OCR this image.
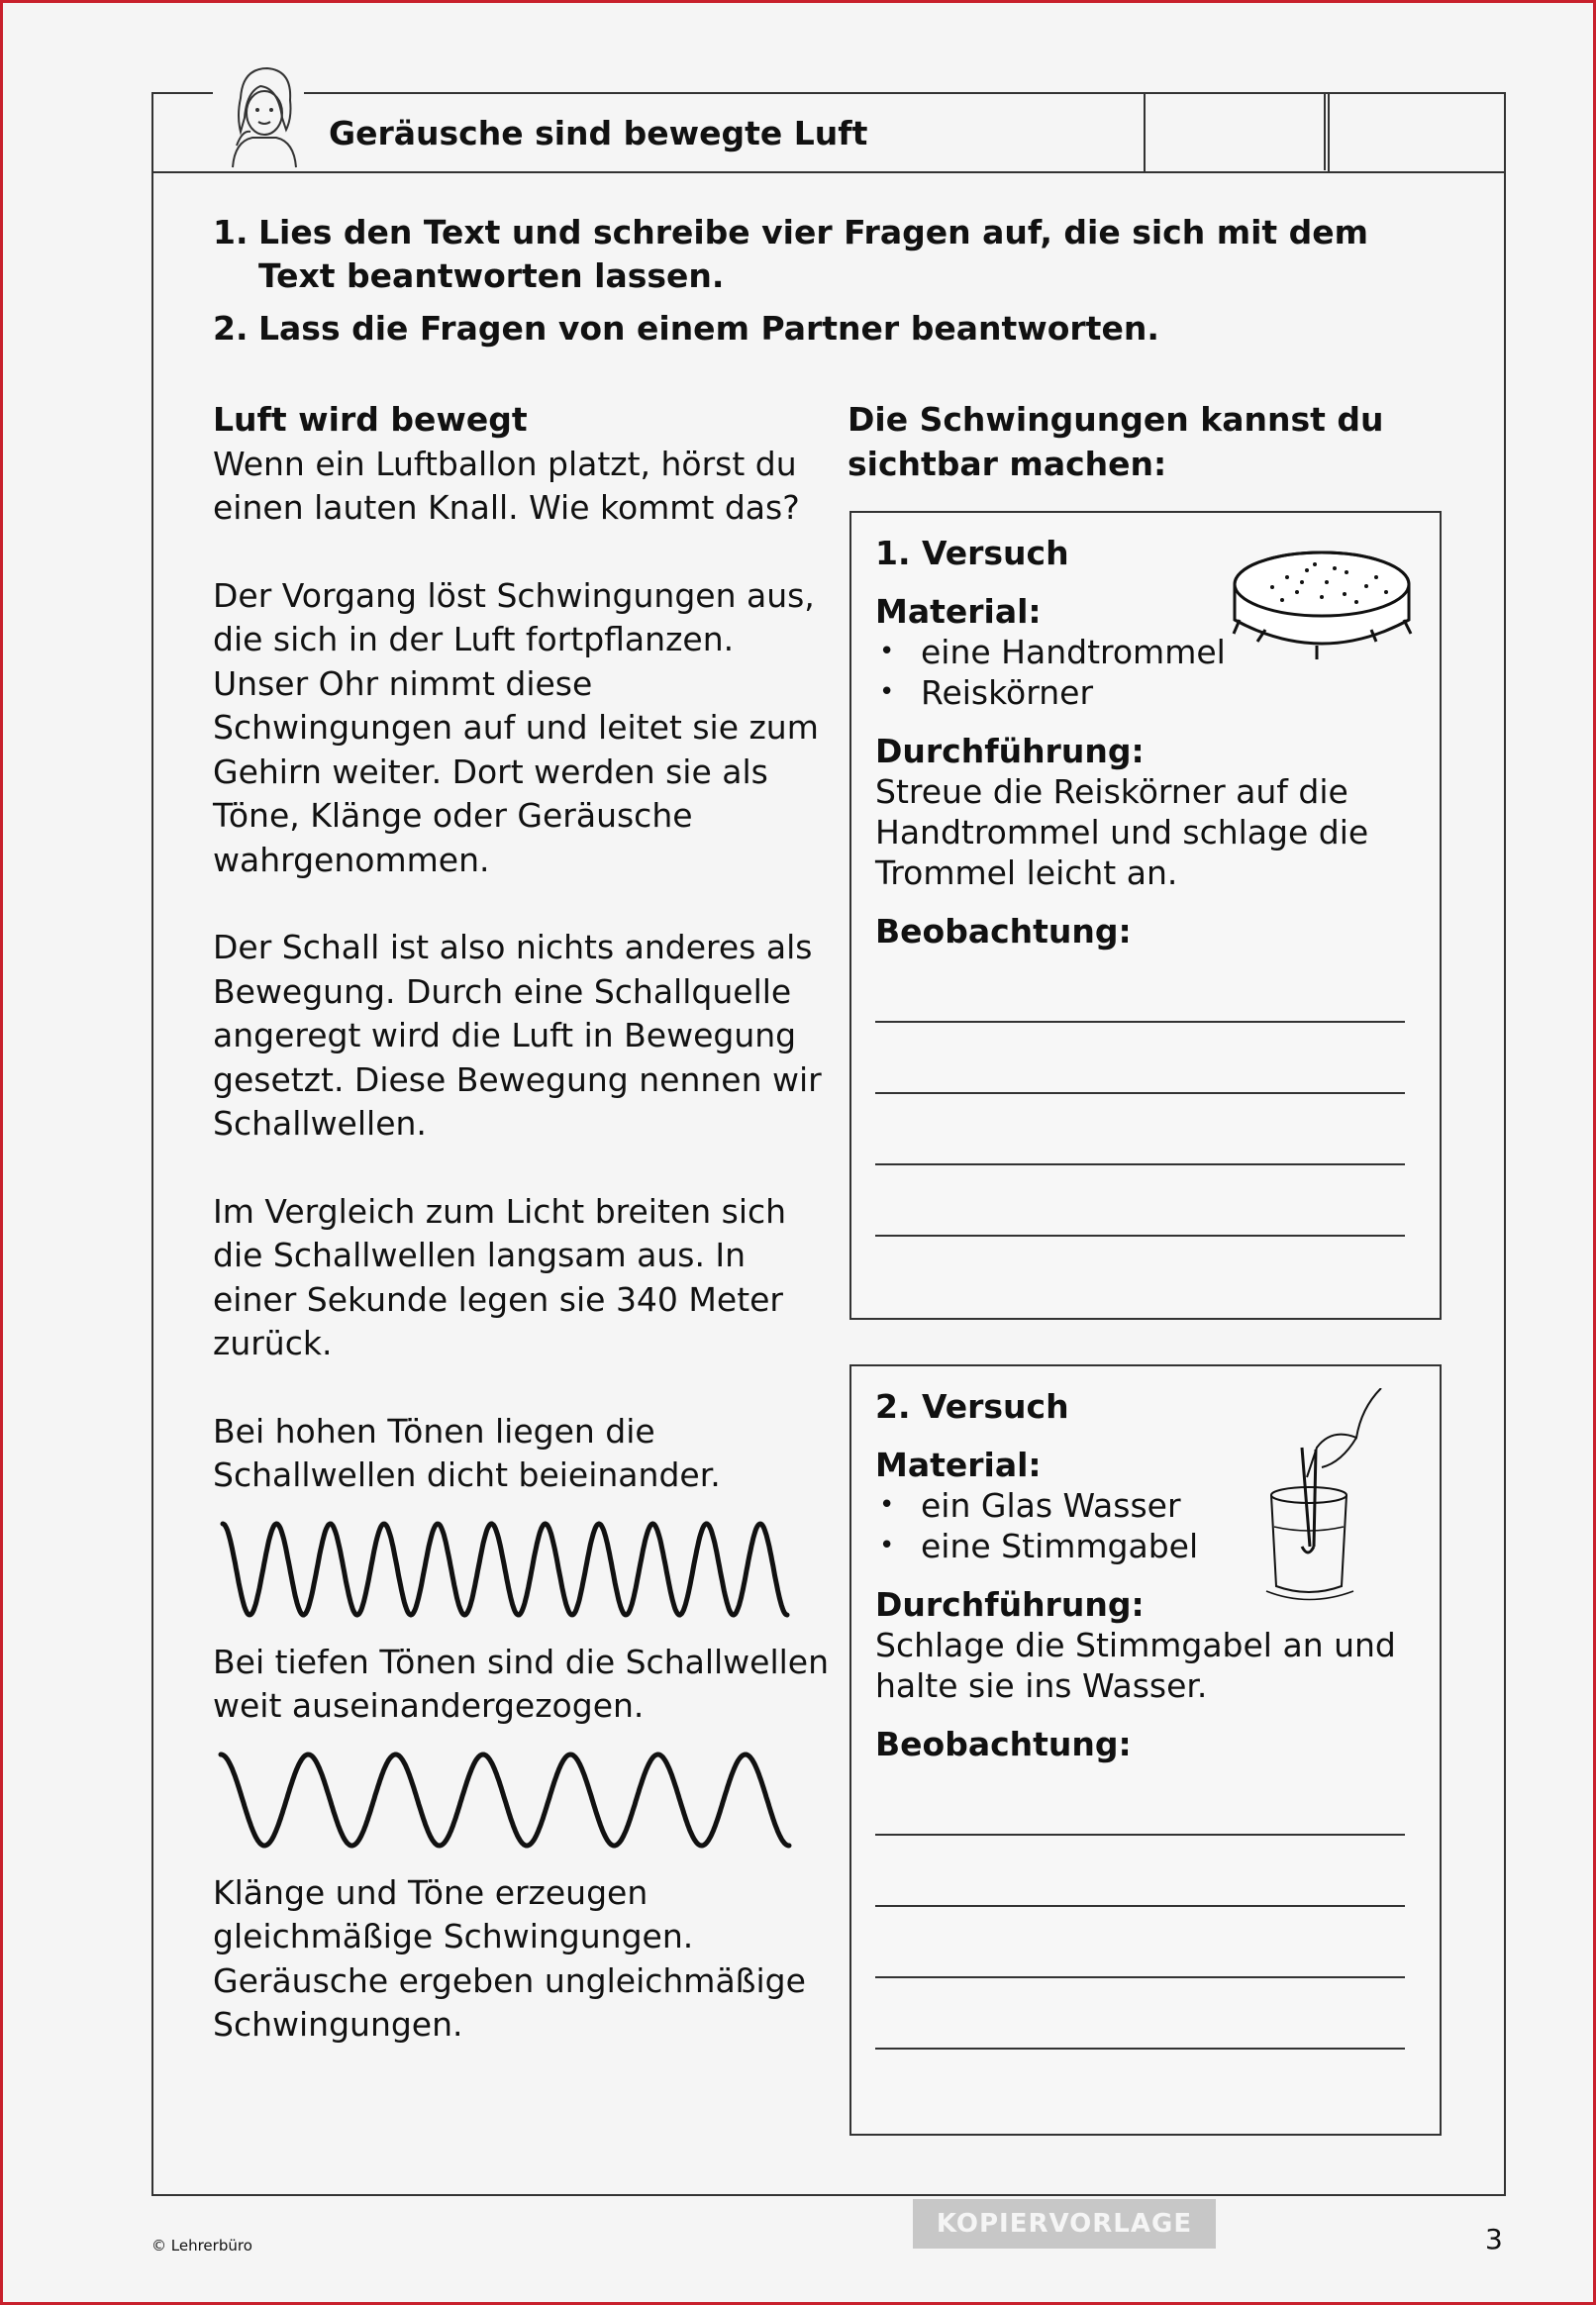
Geräusche sind bewegte Luft
1. Lies den Text und schreibe vier Fragen auf, die sich mit dem Text beantworten lassen.
2. Lass die Fragen von einem Partner beantworten.

Luft wird bewegt

Wenn ein Luftballon platzt, hörst du einen lauten Knall. Wie kommt das?

Der Vorgang löst Schwingungen aus, die sich in der Luft fortpflanzen. Unser Ohr nimmt diese Schwingungen auf und leitet sie zum Gehirn weiter. Dort werden sie als Töne, Klänge oder Geräusche wahrgenommen.

Der Schall ist also nichts anderes als Bewegung. Durch eine Schallquelle angeregt wird die Luft in Bewegung gesetzt. Diese Bewegung nennen wir Schallwellen.

Im Vergleich zum Licht breiten sich die Schallwellen langsam aus. In einer Sekunde legen sie 340 Meter zurück.

Bei hohen Tönen liegen die Schallwellen dicht beieinander.

Bei tiefen Tönen sind die Schallwellen weit auseinandergezogen.

Klänge und Töne erzeugen gleichmäßige Schwingungen. Geräusche ergeben ungleichmäßige Schwingungen.

Die Schwingungen kannst du sichtbar machen:
1. Versuch
Material:
• eine Handtrommel
• Reiskörner
Durchführung:
Streue die Reiskörner auf die Handtrommel und schlage die Trommel leicht an.
Beobachtung:
2. Versuch
Material:
• ein Glas Wasser
• eine Stimmgabel
Durchführung:
Schlage die Stimmgabel an und halte sie ins Wasser.
Beobachtung:
© Lehrerbüro
KOPIERVORLAGE	3
